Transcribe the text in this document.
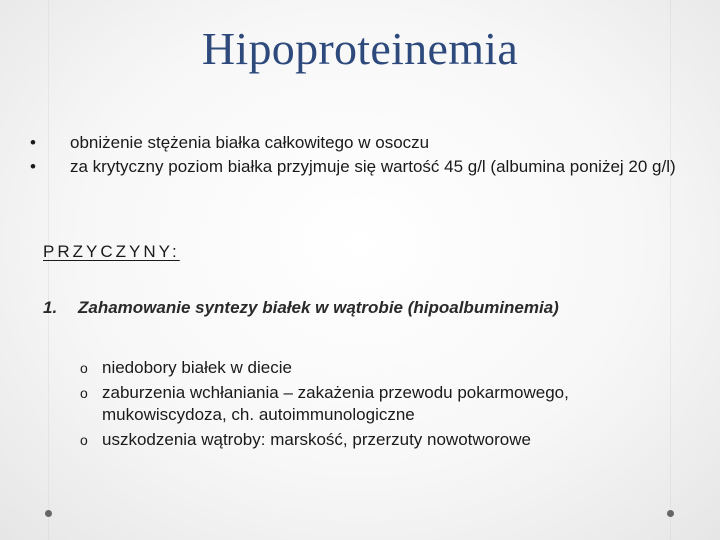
Hipoproteinemia
•	obniżenie stężenia białka całkowitego w osoczu
•	za krytyczny poziom białka przyjmuje się wartość 45 g/l (albumina poniżej 20 g/l)
PRZYCZYNY:
1. Zahamowanie syntezy białek w wątrobie (hipoalbuminemia)
o niedobory białek w diecie
o zaburzenia wchłaniania – zakażenia przewodu pokarmowego, mukowiscydoza, ch. autoimmunologiczne
o uszkodzenia wątroby: marskość, przerzuty nowotworowe
